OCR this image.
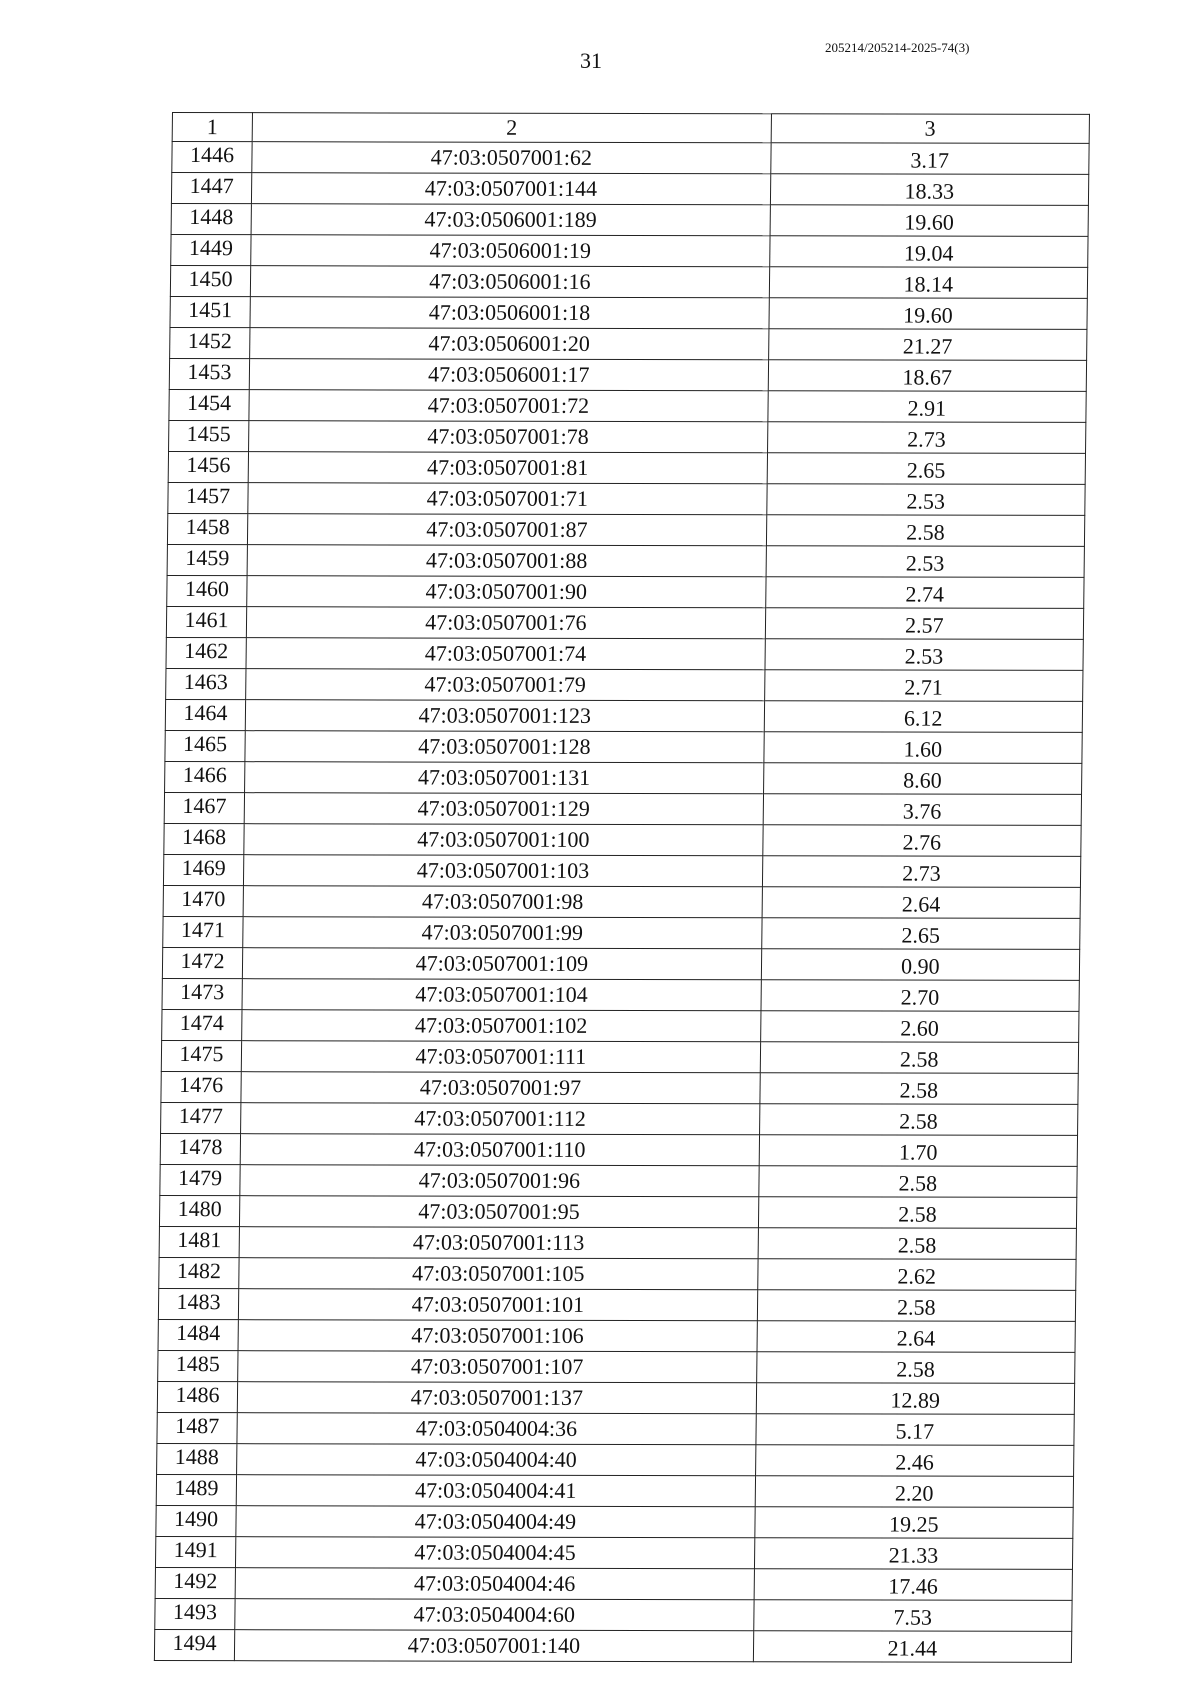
31
205214/205214-2025-74(3)
1	2	3
1446	47:03:0507001:62	3.17
1447	47:03:0507001:144	18.33
1448	47:03:0506001:189	19.60
1449	47:03:0506001:19	19.04
1450	47:03:0506001:16	18.14
1451	47:03:0506001:18	19.60
1452	47:03:0506001:20	21.27
1453	47:03:0506001:17	18.67
1454	47:03:0507001:72	2.91
1455	47:03:0507001:78	2.73
1456	47:03:0507001:81	2.65
1457	47:03:0507001:71	2.53
1458	47:03:0507001:87	2.58
1459	47:03:0507001:88	2.53
1460	47:03:0507001:90	2.74
1461	47:03:0507001:76	2.57
1462	47:03:0507001:74	2.53
1463	47:03:0507001:79	2.71
1464	47:03:0507001:123	6.12
1465	47:03:0507001:128	1.60
1466	47:03:0507001:131	8.60
1467	47:03:0507001:129	3.76
1468	47:03:0507001:100	2.76
1469	47:03:0507001:103	2.73
1470	47:03:0507001:98	2.64
1471	47:03:0507001:99	2.65
1472	47:03:0507001:109	0.90
1473	47:03:0507001:104	2.70
1474	47:03:0507001:102	2.60
1475	47:03:0507001:111	2.58
1476	47:03:0507001:97	2.58
1477	47:03:0507001:112	2.58
1478	47:03:0507001:110	1.70
1479	47:03:0507001:96	2.58
1480	47:03:0507001:95	2.58
1481	47:03:0507001:113	2.58
1482	47:03:0507001:105	2.62
1483	47:03:0507001:101	2.58
1484	47:03:0507001:106	2.64
1485	47:03:0507001:107	2.58
1486	47:03:0507001:137	12.89
1487	47:03:0504004:36	5.17
1488	47:03:0504004:40	2.46
1489	47:03:0504004:41	2.20
1490	47:03:0504004:49	19.25
1491	47:03:0504004:45	21.33
1492	47:03:0504004:46	17.46
1493	47:03:0504004:60	7.53
1494	47:03:0507001:140	21.44
